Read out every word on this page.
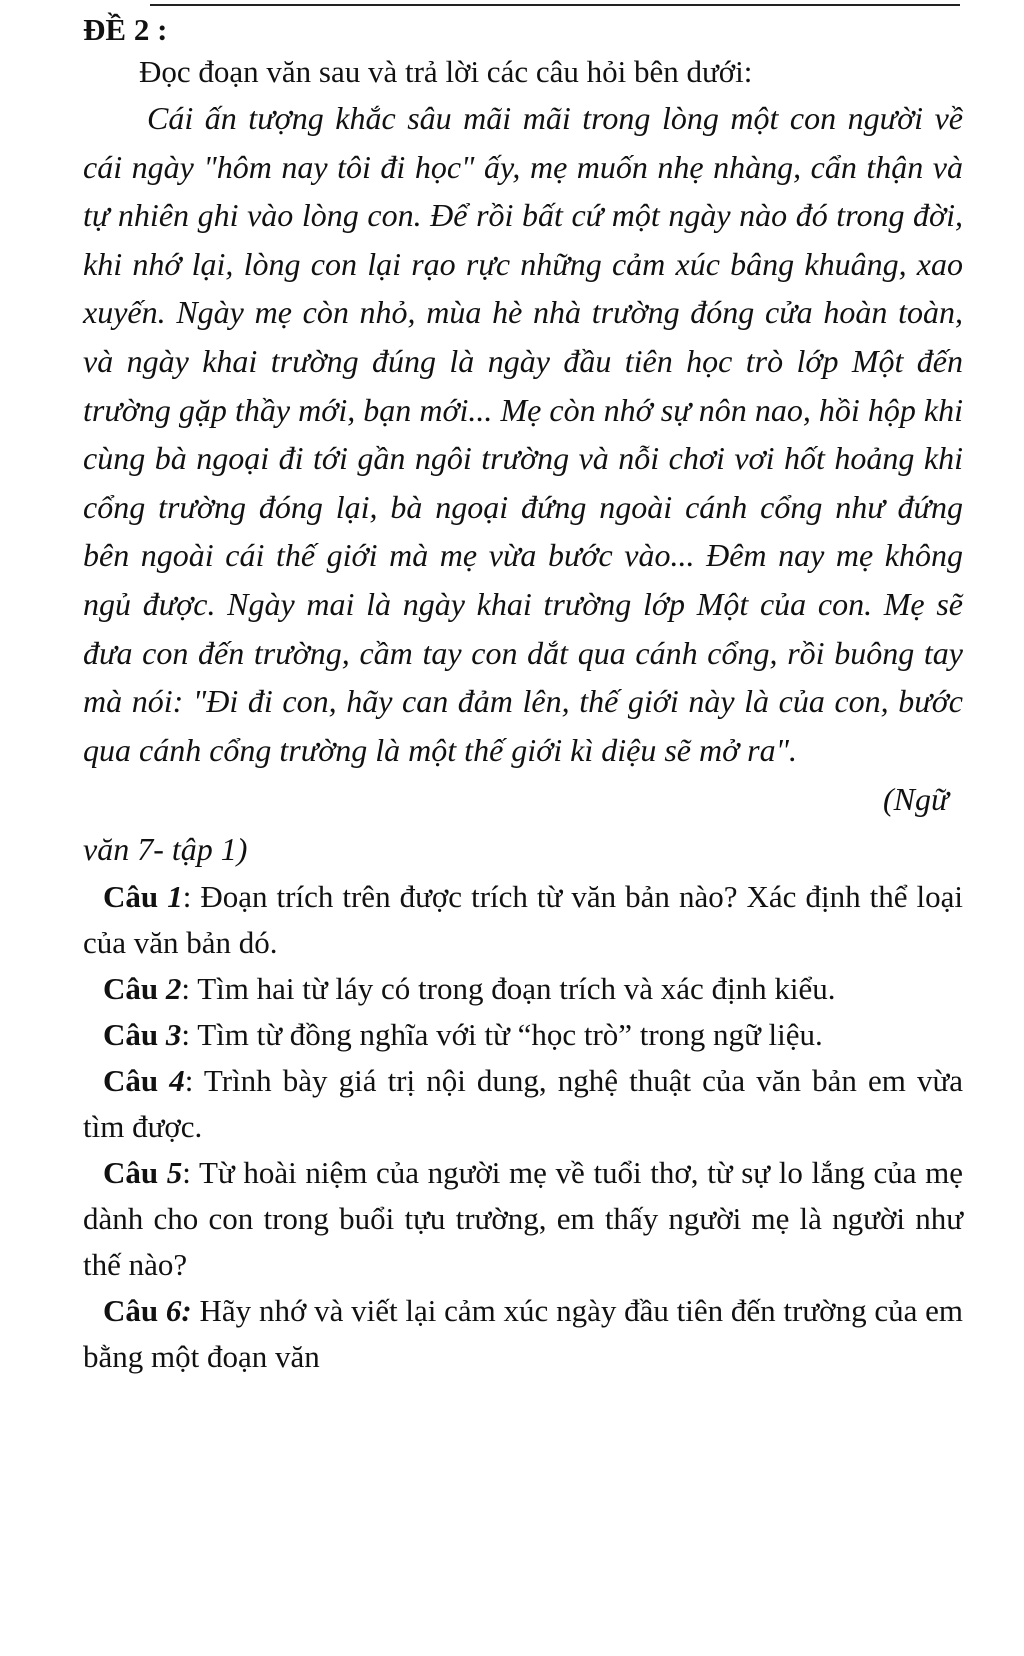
ĐỀ 2 :

Đọc đoạn văn sau và trả lời các câu hỏi bên dưới:

Cái ấn tượng khắc sâu mãi mãi trong lòng một con người về cái ngày "hôm nay tôi đi học" ấy, mẹ muốn nhẹ nhàng, cẩn thận và tự nhiên ghi vào lòng con. Để rồi bất cứ một ngày nào đó trong đời, khi nhớ lại, lòng con lại rạo rực những cảm xúc bâng khuâng, xao xuyến. Ngày mẹ còn nhỏ, mùa hè nhà trường đóng cửa hoàn toàn, và ngày khai trường đúng là ngày đầu tiên học trò lớp Một đến trường gặp thầy mới, bạn mới... Mẹ còn nhớ sự nôn nao, hồi hộp khi cùng bà ngoại đi tới gần ngôi trường và nỗi chơi vơi hốt hoảng khi cổng trường đóng lại, bà ngoại đứng ngoài cánh cổng như đứng bên ngoài cái thế giới mà mẹ vừa bước vào... Đêm nay mẹ không ngủ được. Ngày mai là ngày khai trường lớp Một của con. Mẹ sẽ đưa con đến trường, cầm tay con dắt qua cánh cổng, rồi buông tay mà nói: "Đi đi con, hãy can đảm lên, thế giới này là của con, bước qua cánh cổng trường là một thế giới kì diệu sẽ mở ra".

(Ngữ văn 7- tập 1)

Câu 1: Đoạn trích trên được trích từ văn bản nào? Xác định thể loại của văn bản dó.

Câu 2: Tìm hai từ láy có trong đoạn trích và xác định kiểu.

Câu 3: Tìm từ đồng nghĩa với từ “học trò” trong ngữ liệu.

Câu 4: Trình bày giá trị nội dung, nghệ thuật của văn bản em vừa tìm được.

Câu 5: Từ hoài niệm của người mẹ về tuổi thơ, từ sự lo lắng của mẹ dành cho con trong buổi tựu trường, em thấy người mẹ là người như thế nào?

Câu 6: Hãy nhớ và viết lại cảm xúc ngày đầu tiên đến trường của em bằng một đoạn văn
